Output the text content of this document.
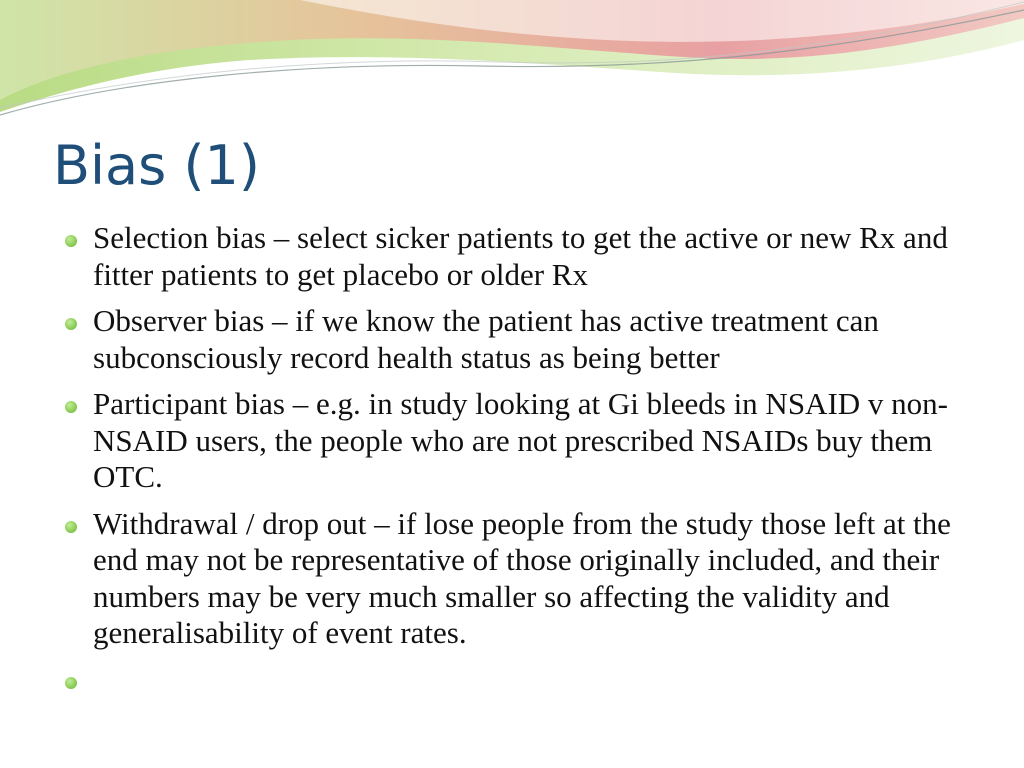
Bias (1)
Selection bias – select sicker patients to get the active or new Rx and fitter patients to get placebo or older Rx
Observer bias – if we know the patient has active treatment can subconsciously record health status as being better
Participant bias – e.g. in study looking at Gi bleeds in NSAID v non-NSAID users, the people who are not prescribed NSAIDs buy them OTC.
Withdrawal / drop out – if lose people from the study those left at the end may not be representative of those originally included, and their numbers may be very much smaller so affecting the validity and generalisability of event rates.
